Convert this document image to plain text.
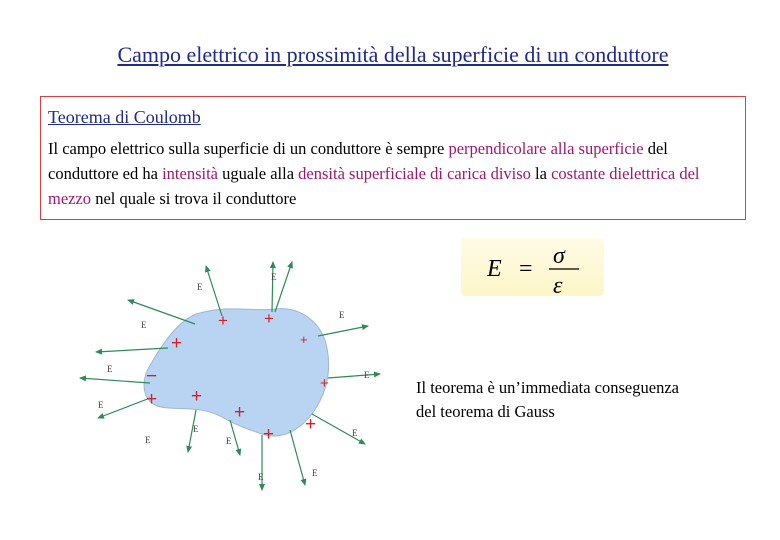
Campo elettrico in prossimità della superficie di un conduttore
Teorema di Coulomb
Il campo elettrico sulla superficie di un conduttore è sempre perpendicolare alla superficie del conduttore ed ha intensità uguale alla densità superficiale di carica diviso la costante dielettrica del mezzo nel quale si trova il conduttore
E = σ
ε
E
E
E
E
E
E
E
E
E
E
E
E	E
+ +
+
+
−
+ +
+
+ +
+	Il teorema è un’immediata conseguenza
del teorema di Gauss
